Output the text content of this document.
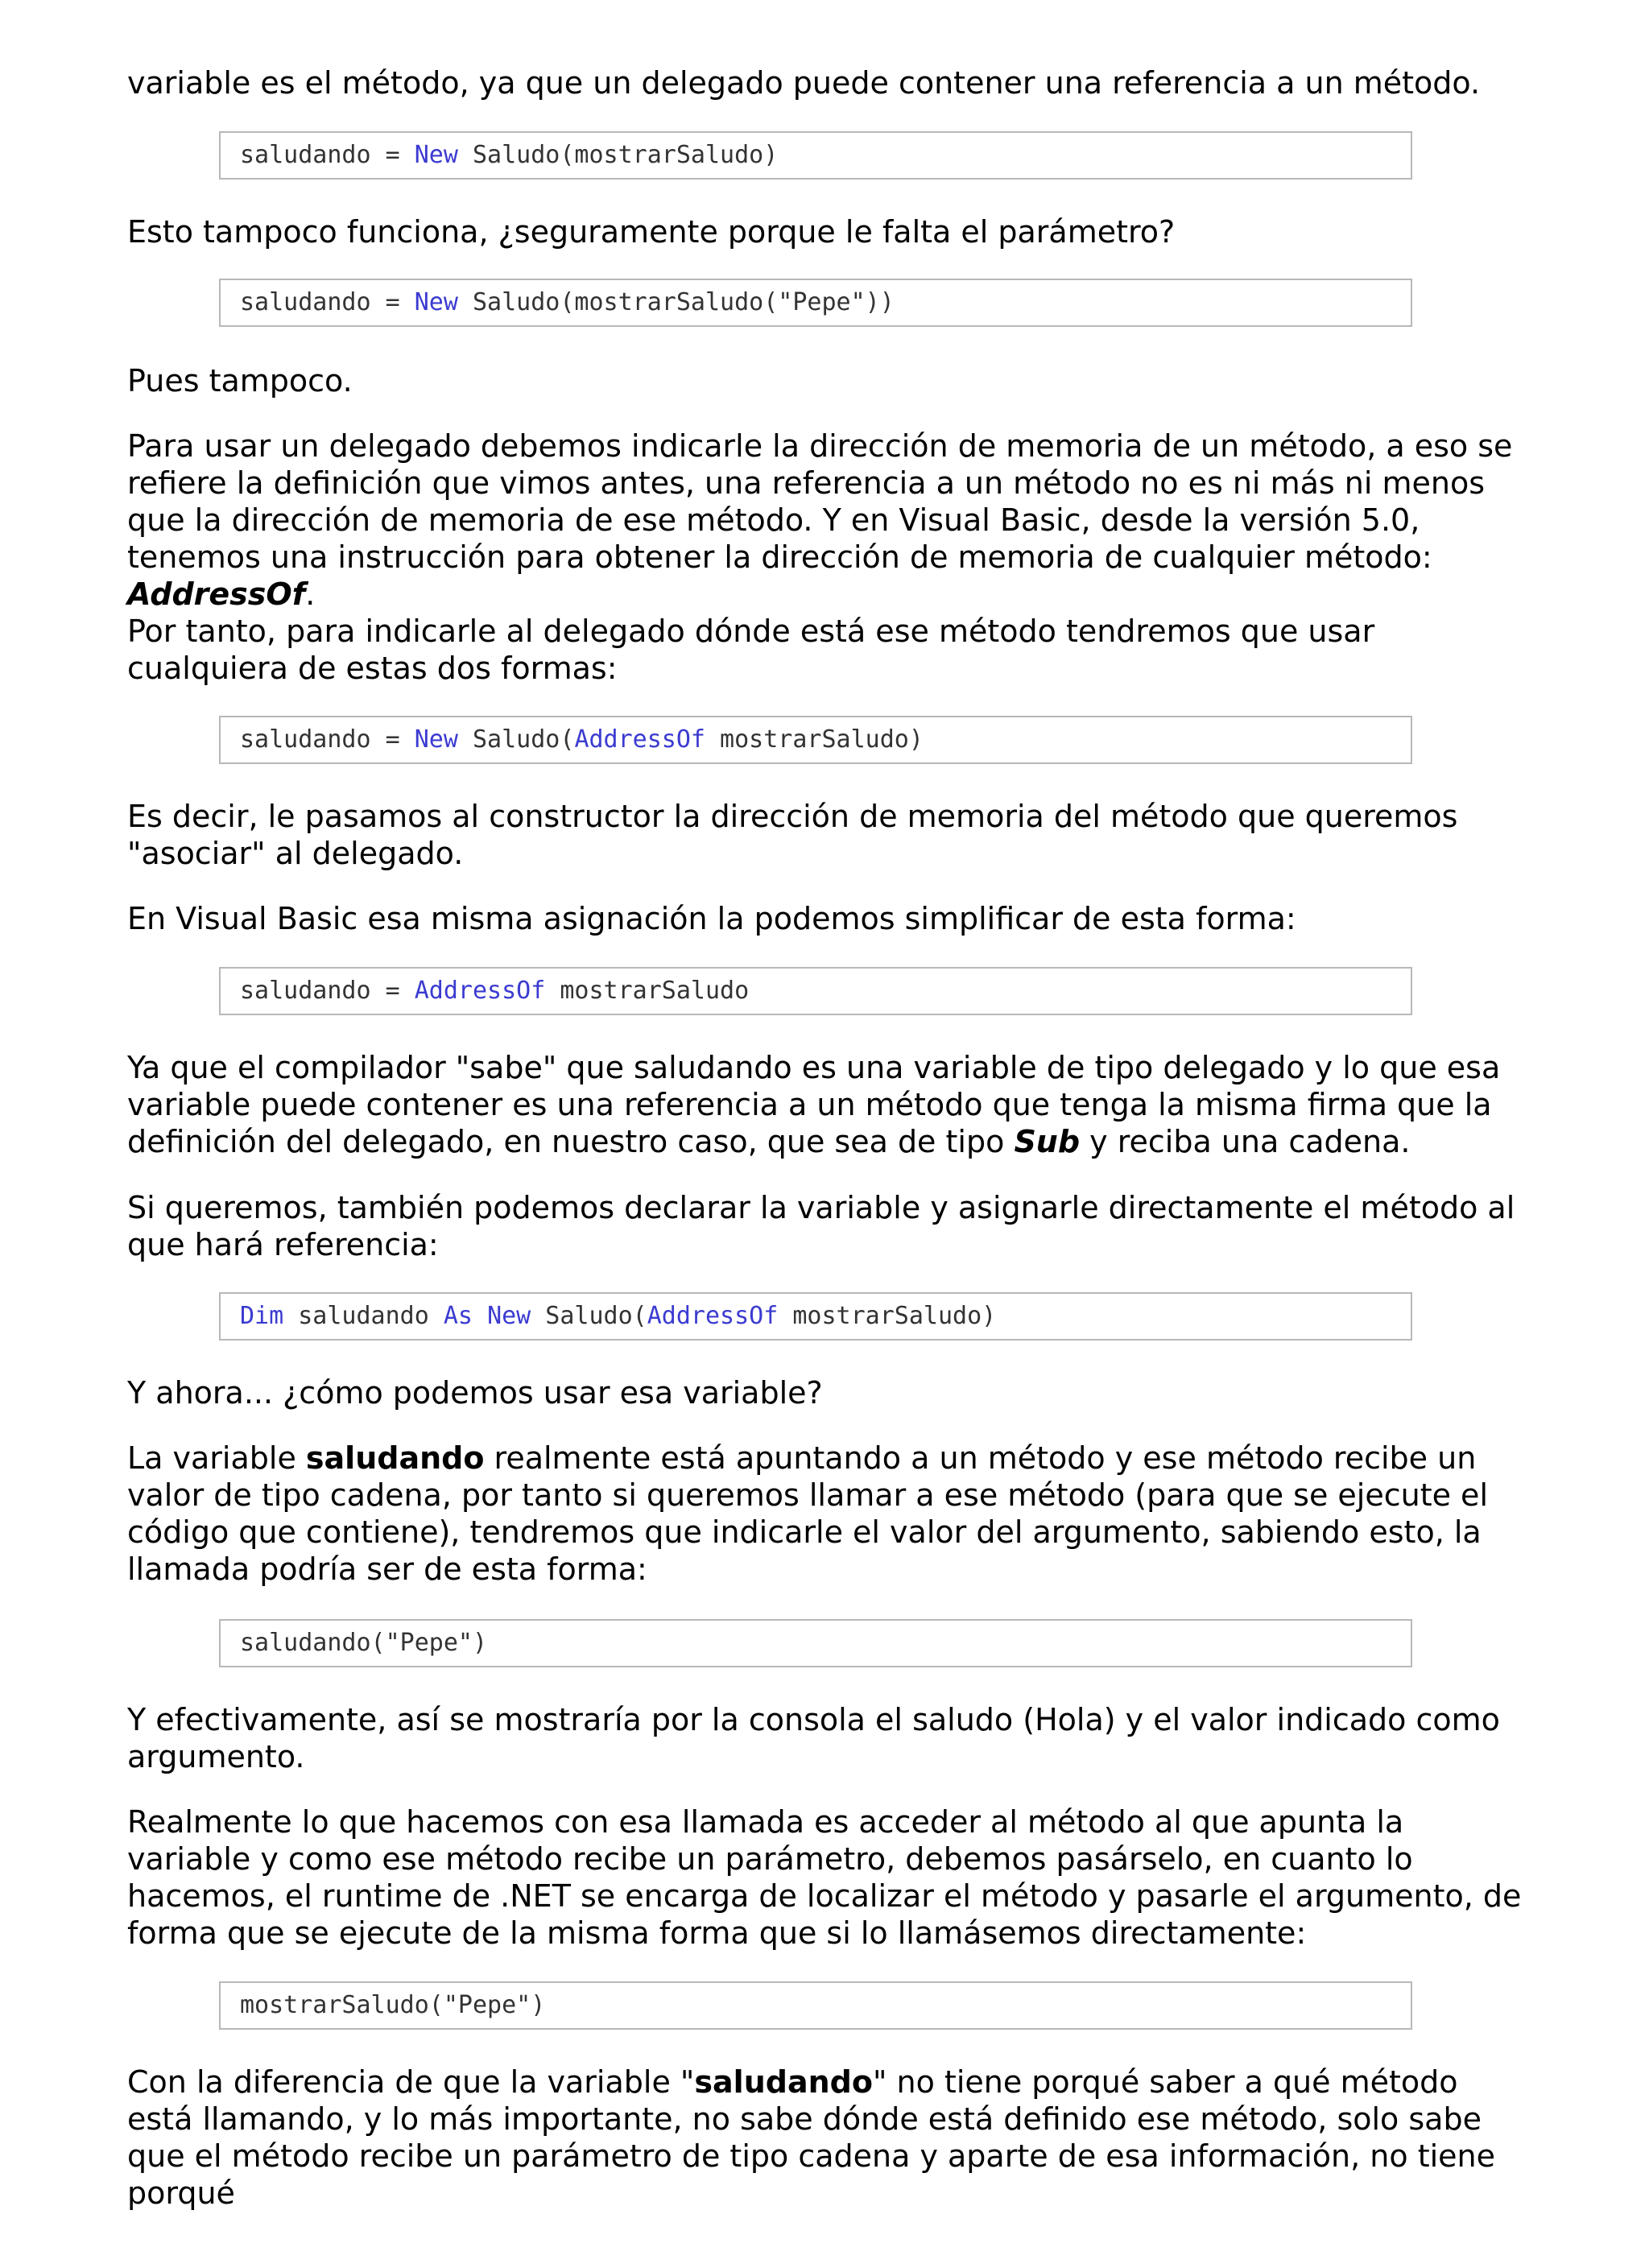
variable es el método, ya que un delegado puede contener una referencia a un método.

saludando = New Saludo(mostrarSaludo)

Esto tampoco funciona, ¿seguramente porque le falta el parámetro?

saludando = New Saludo(mostrarSaludo("Pepe"))

Pues tampoco.

Para usar un delegado debemos indicarle la dirección de memoria de un método, a eso se refiere la definición que vimos antes, una referencia a un método no es ni más ni menos que la dirección de memoria de ese método. Y en Visual Basic, desde la versión 5.0, tenemos una instrucción para obtener la dirección de memoria de cualquier método: AddressOf.

Por tanto, para indicarle al delegado dónde está ese método tendremos que usar cualquiera de estas dos formas:

saludando = New Saludo(AddressOf mostrarSaludo)

Es decir, le pasamos al constructor la dirección de memoria del método que queremos "asociar" al delegado.

En Visual Basic esa misma asignación la podemos simplificar de esta forma:

saludando = AddressOf mostrarSaludo

Ya que el compilador "sabe" que saludando es una variable de tipo delegado y lo que esa variable puede contener es una referencia a un método que tenga la misma firma que la definición del delegado, en nuestro caso, que sea de tipo Sub y reciba una cadena.

Si queremos, también podemos declarar la variable y asignarle directamente el método al que hará referencia:

Dim saludando As New Saludo(AddressOf mostrarSaludo)

Y ahora... ¿cómo podemos usar esa variable?

La variable saludando realmente está apuntando a un método y ese método recibe un valor de tipo cadena, por tanto si queremos llamar a ese método (para que se ejecute el código que contiene), tendremos que indicarle el valor del argumento, sabiendo esto, la llamada podría ser de esta forma:

saludando("Pepe")

Y efectivamente, así se mostraría por la consola el saludo (Hola) y el valor indicado como argumento.

Realmente lo que hacemos con esa llamada es acceder al método al que apunta la variable y como ese método recibe un parámetro, debemos pasárselo, en cuanto lo hacemos, el runtime de .NET se encarga de localizar el método y pasarle el argumento, de forma que se ejecute de la misma forma que si lo llamásemos directamente:

mostrarSaludo("Pepe")

Con la diferencia de que la variable "saludando" no tiene porqué saber a qué método está llamando, y lo más importante, no sabe dónde está definido ese método, solo sabe que el método recibe un parámetro de tipo cadena y aparte de esa información, no tiene porqué
